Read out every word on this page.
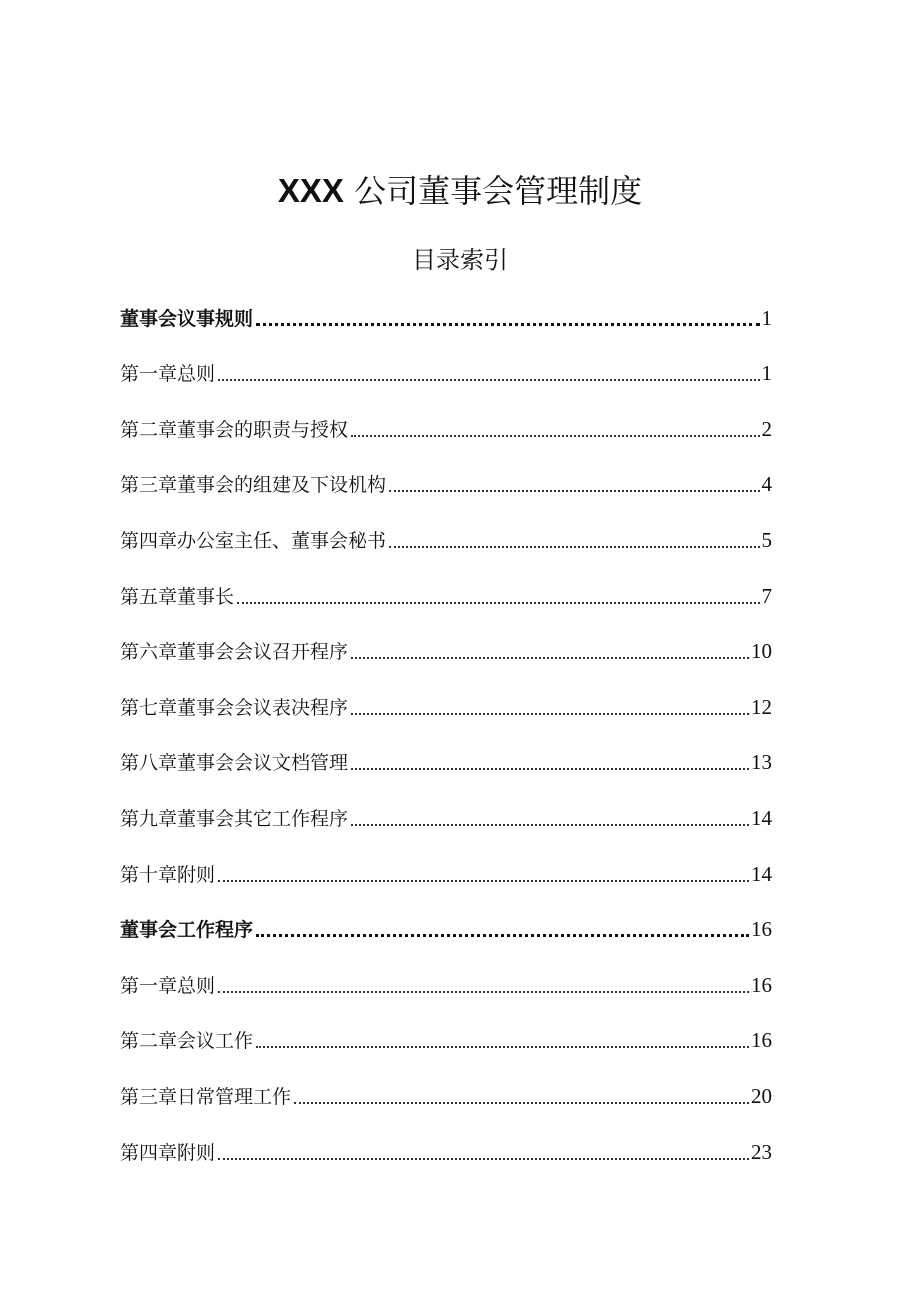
XXX 公司董事会管理制度
目录索引
董事会议事规则	1
第一章总则	1
第二章董事会的职责与授权	2
第三章董事会的组建及下设机构	4
第四章办公室主任、董事会秘书	5
第五章董事长	7
第六章董事会会议召开程序	10
第七章董事会会议表决程序	12
第八章董事会会议文档管理	13
第九章董事会其它工作程序	14
第十章附则	14
董事会工作程序	16
第一章总则	16
第二章会议工作	16
第三章日常管理工作	20
第四章附则	23
